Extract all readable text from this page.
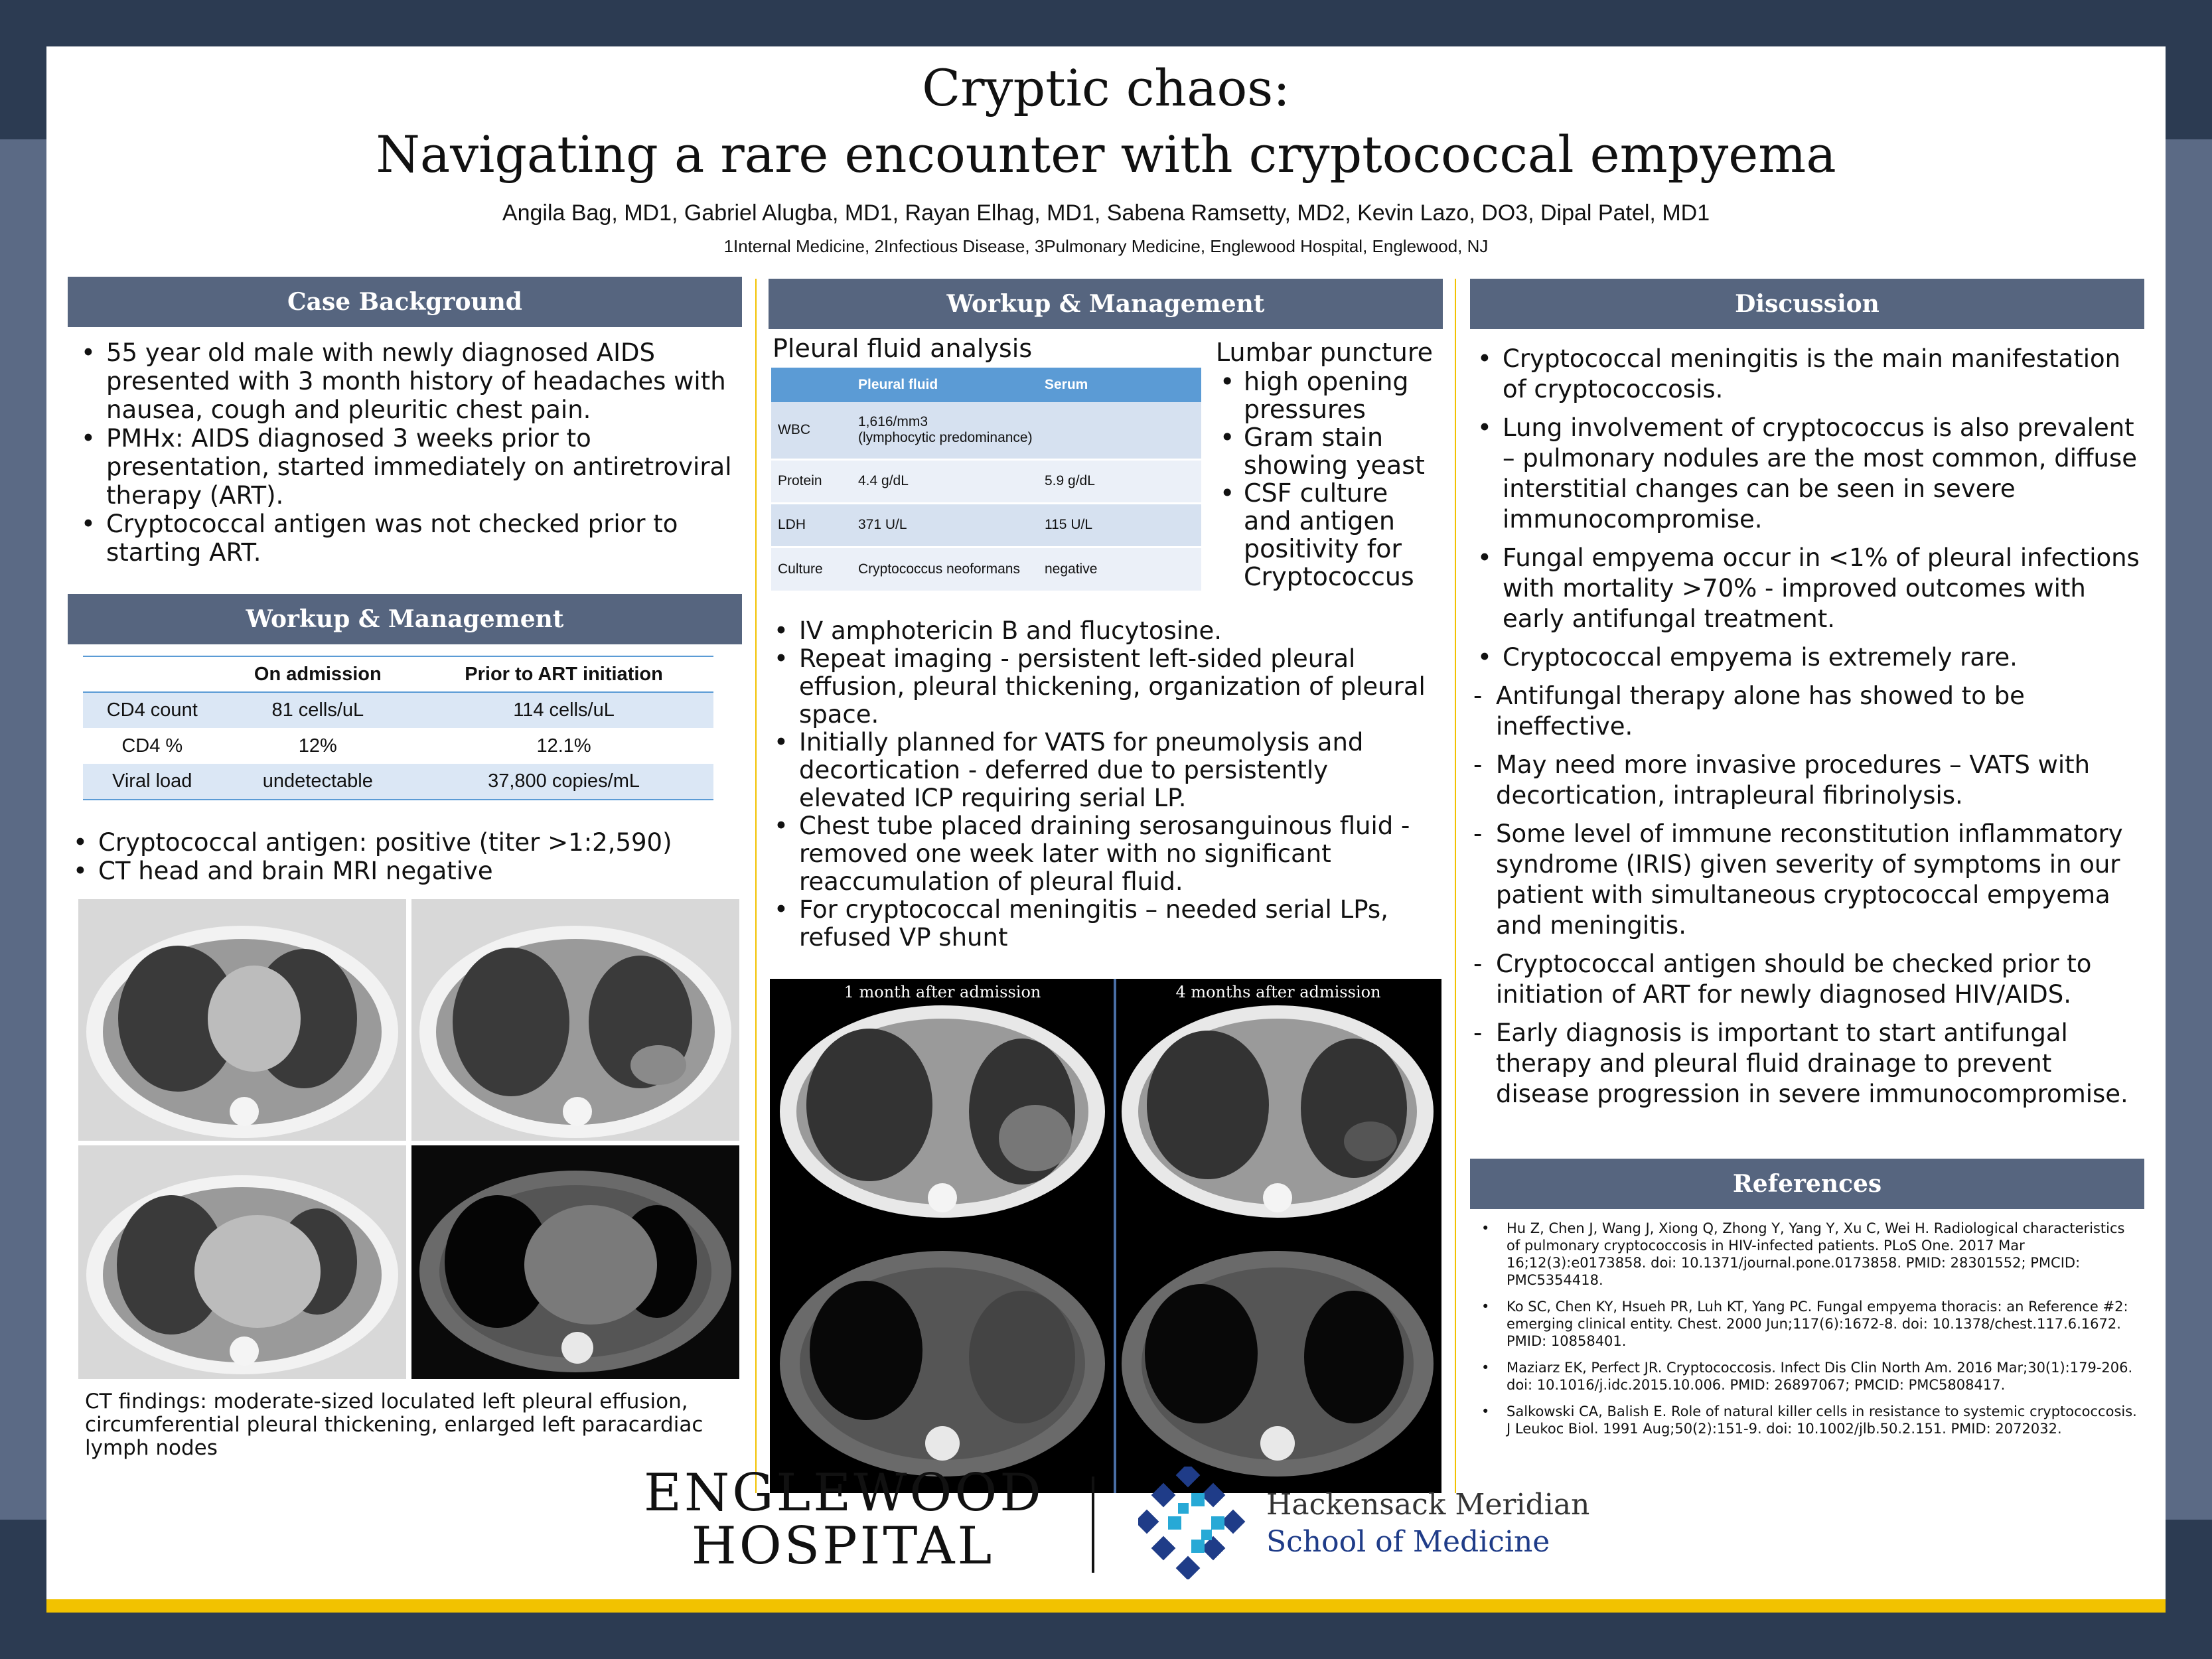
Cryptic chaos:
Navigating a rare encounter with cryptococcal empyema
Angila Bag, MD1, Gabriel Alugba, MD1, Rayan Elhag, MD1, Sabena Ramsetty, MD2, Kevin Lazo, DO3, Dipal Patel, MD1
1Internal Medicine, 2Infectious Disease, 3Pulmonary Medicine, Englewood Hospital, Englewood, NJ
Case Background
• 55 year old male with newly diagnosed AIDS presented with 3 month history of headaches with nausea, cough and pleuritic chest pain.
• PMHx: AIDS diagnosed 3 weeks prior to presentation, started immediately on antiretroviral therapy (ART).
• Cryptococcal antigen was not checked prior to starting ART.
Workup & Management
	On admission	Prior to ART initiation
CD4 count	81 cells/uL	114 cells/uL
CD4 %	12%	12.1%
Viral load	undetectable	37,800 copies/mL
• Cryptococcal antigen: positive (titer >1:2,590)
• CT head and brain MRI negative
CT findings: moderate-sized loculated left pleural effusion, circumferential pleural thickening, enlarged left paracardiac lymph nodes
Workup & Management
Pleural fluid analysis
	Pleural fluid	Serum
WBC	1,616/mm3
(lymphocytic predominance)	
Protein	4.4 g/dL	5.9 g/dL
LDH	371 U/L	115 U/L
Culture	Cryptococcus neoformans	negative
Lumbar puncture
• high opening pressures
• Gram stain showing yeast
• CSF culture and antigen positivity for Cryptococcus
• IV amphotericin B and flucytosine.
• Repeat imaging - persistent left-sided pleural effusion, pleural thickening, organization of pleural space.
• Initially planned for VATS for pneumolysis and decortication - deferred due to persistently elevated ICP requiring serial LP.
• Chest tube placed draining serosanguinous fluid - removed one week later with no significant reaccumulation of pleural fluid.
• For cryptococcal meningitis – needed serial LPs, refused VP shunt
1 month after admission	4 months after admission
Discussion
• Cryptococcal meningitis is the main manifestation of cryptococcosis.
• Lung involvement of cryptococcus is also prevalent – pulmonary nodules are the most common, diffuse interstitial changes can be seen in severe immunocompromise.
• Fungal empyema occur in <1% of pleural infections with mortality >70% - improved outcomes with early antifungal treatment.
• Cryptococcal empyema is extremely rare.
- Antifungal therapy alone has showed to be ineffective.
- May need more invasive procedures – VATS with decortication, intrapleural fibrinolysis.
- Some level of immune reconstitution inflammatory syndrome (IRIS) given severity of symptoms in our patient with simultaneous cryptococcal empyema and meningitis.
- Cryptococcal antigen should be checked prior to initiation of ART for newly diagnosed HIV/AIDS.
- Early diagnosis is important to start antifungal therapy and pleural fluid drainage to prevent disease progression in severe immunocompromise.
References
• Hu Z, Chen J, Wang J, Xiong Q, Zhong Y, Yang Y, Xu C, Wei H. Radiological characteristics of pulmonary cryptococcosis in HIV-infected patients. PLoS One. 2017 Mar 16;12(3):e0173858. doi: 10.1371/journal.pone.0173858. PMID: 28301552; PMCID: PMC5354418.
• Ko SC, Chen KY, Hsueh PR, Luh KT, Yang PC. Fungal empyema thoracis: an Reference #2: emerging clinical entity. Chest. 2000 Jun;117(6):1672-8. doi: 10.1378/chest.117.6.1672. PMID: 10858401.
• Maziarz EK, Perfect JR. Cryptococcosis. Infect Dis Clin North Am. 2016 Mar;30(1):179-206. doi: 10.1016/j.idc.2015.10.006. PMID: 26897067; PMCID: PMC5808417.
• Salkowski CA, Balish E. Role of natural killer cells in resistance to systemic cryptococcosis. J Leukoc Biol. 1991 Aug;50(2):151-9. doi: 10.1002/jlb.50.2.151. PMID: 2072032.
ENGLEWOOD
HOSPITAL
Hackensack Meridian
School of Medicine
